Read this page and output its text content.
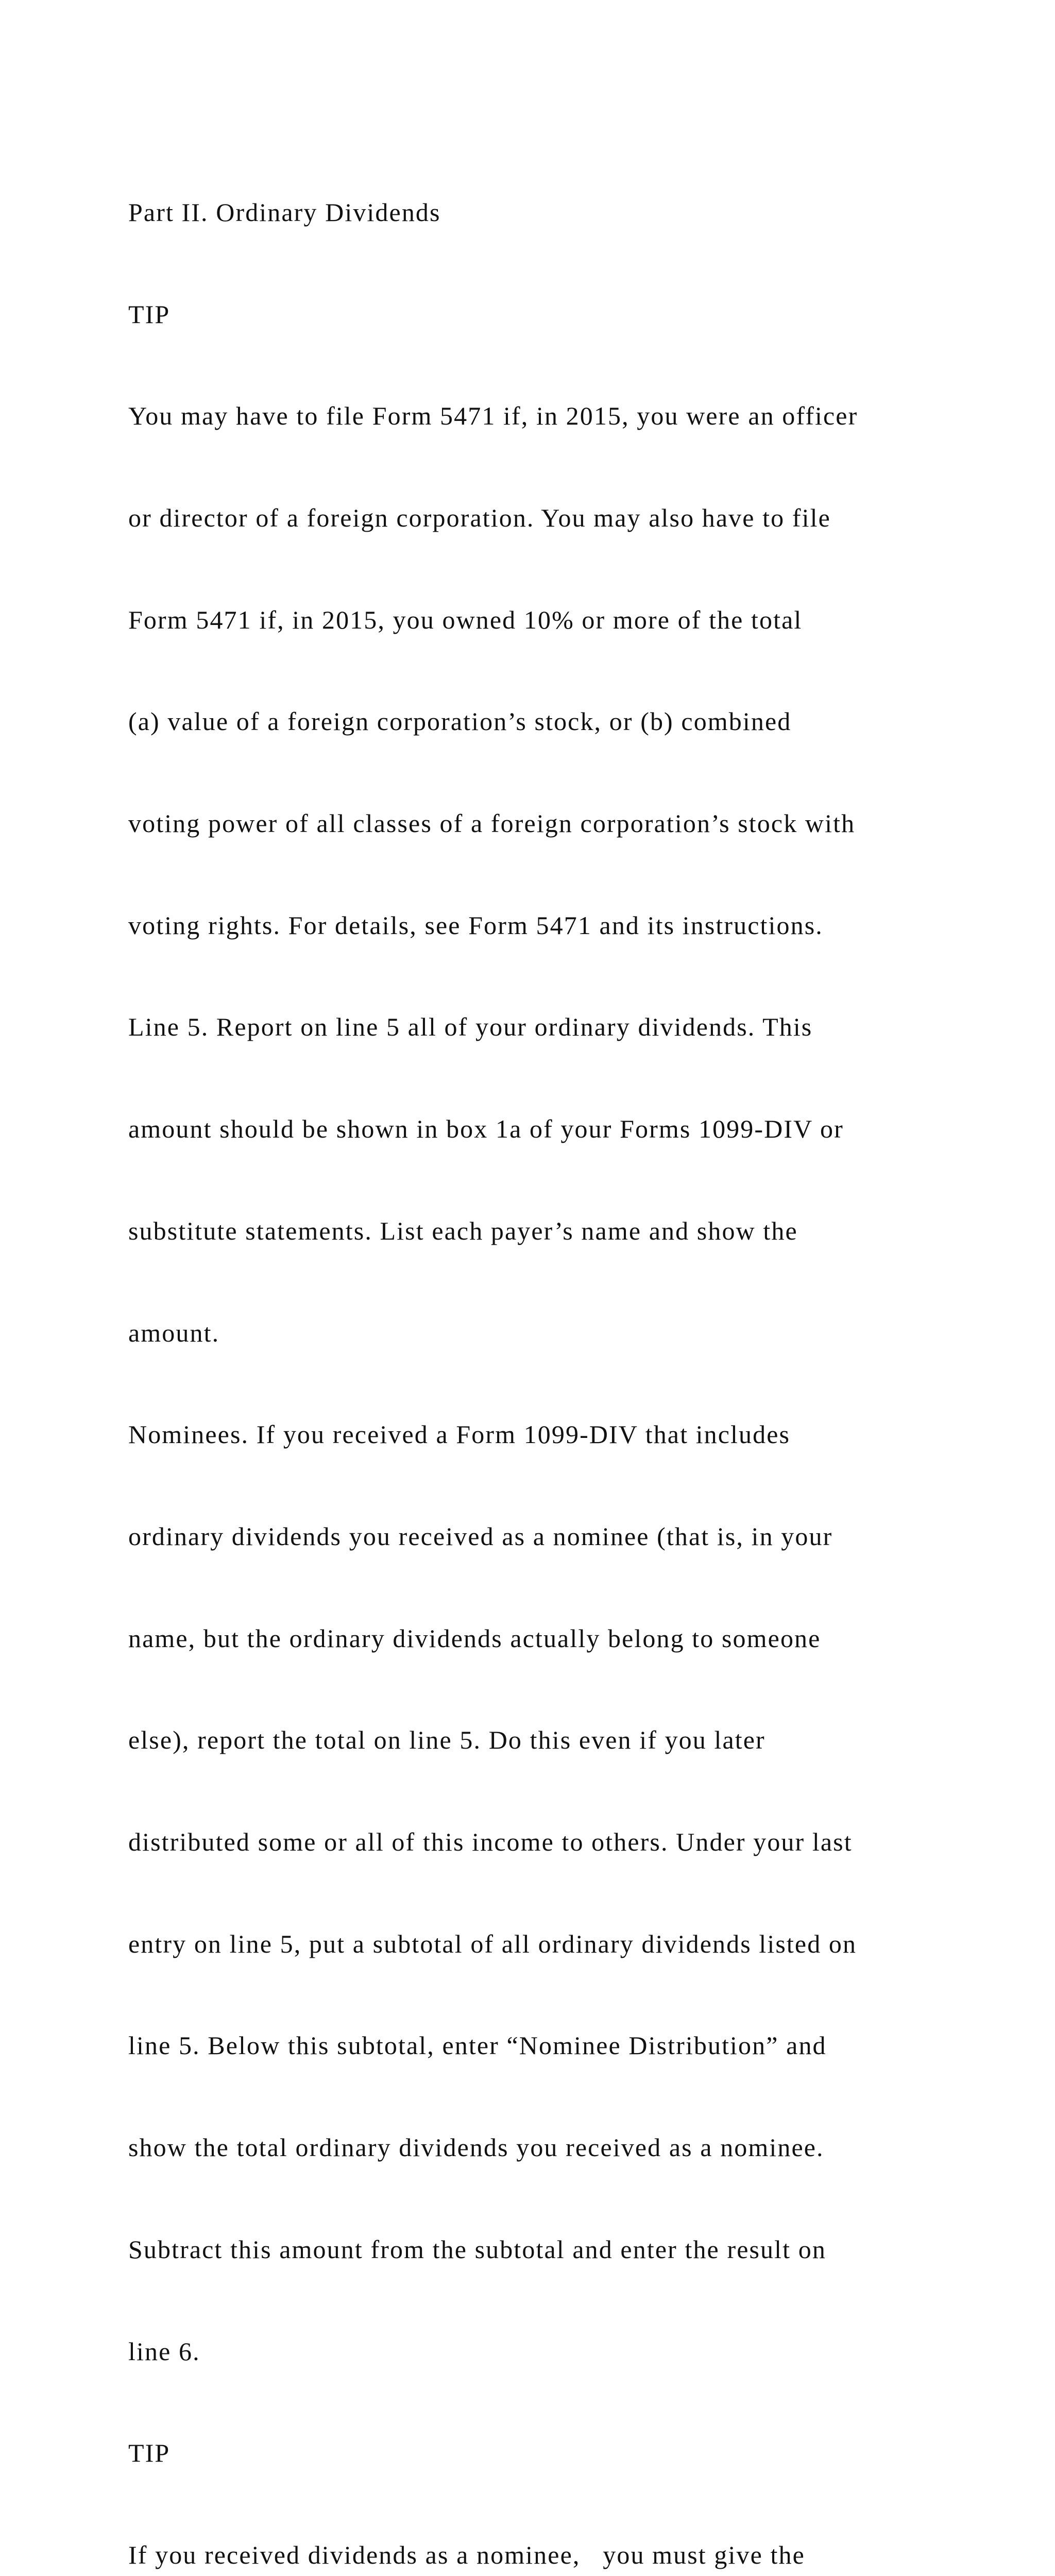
Part II. Ordinary Dividends

TIP

You may have to file Form 5471 if, in 2015, you were an officer

or director of a foreign corporation. You may also have to file

Form 5471 if, in 2015, you owned 10% or more of the total

(a) value of a foreign corporation’s stock, or (b) combined

voting power of all classes of a foreign corporation’s stock with

voting rights. For details, see Form 5471 and its instructions.

Line 5. Report on line 5 all of your ordinary dividends. This

amount should be shown in box 1a of your Forms 1099-DIV or

substitute statements. List each payer’s name and show the

amount.

Nominees. If you received a Form 1099-DIV that includes

ordinary dividends you received as a nominee (that is, in your

name, but the ordinary dividends actually belong to someone

else), report the total on line 5. Do this even if you later

distributed some or all of this income to others. Under your last

entry on line 5, put a subtotal of all ordinary dividends listed on

line 5. Below this subtotal, enter “Nominee Distribution” and

show the total ordinary dividends you received as a nominee.

Subtract this amount from the subtotal and enter the result on

line 6.

TIP

If you received dividends as a nominee,   you must give the
